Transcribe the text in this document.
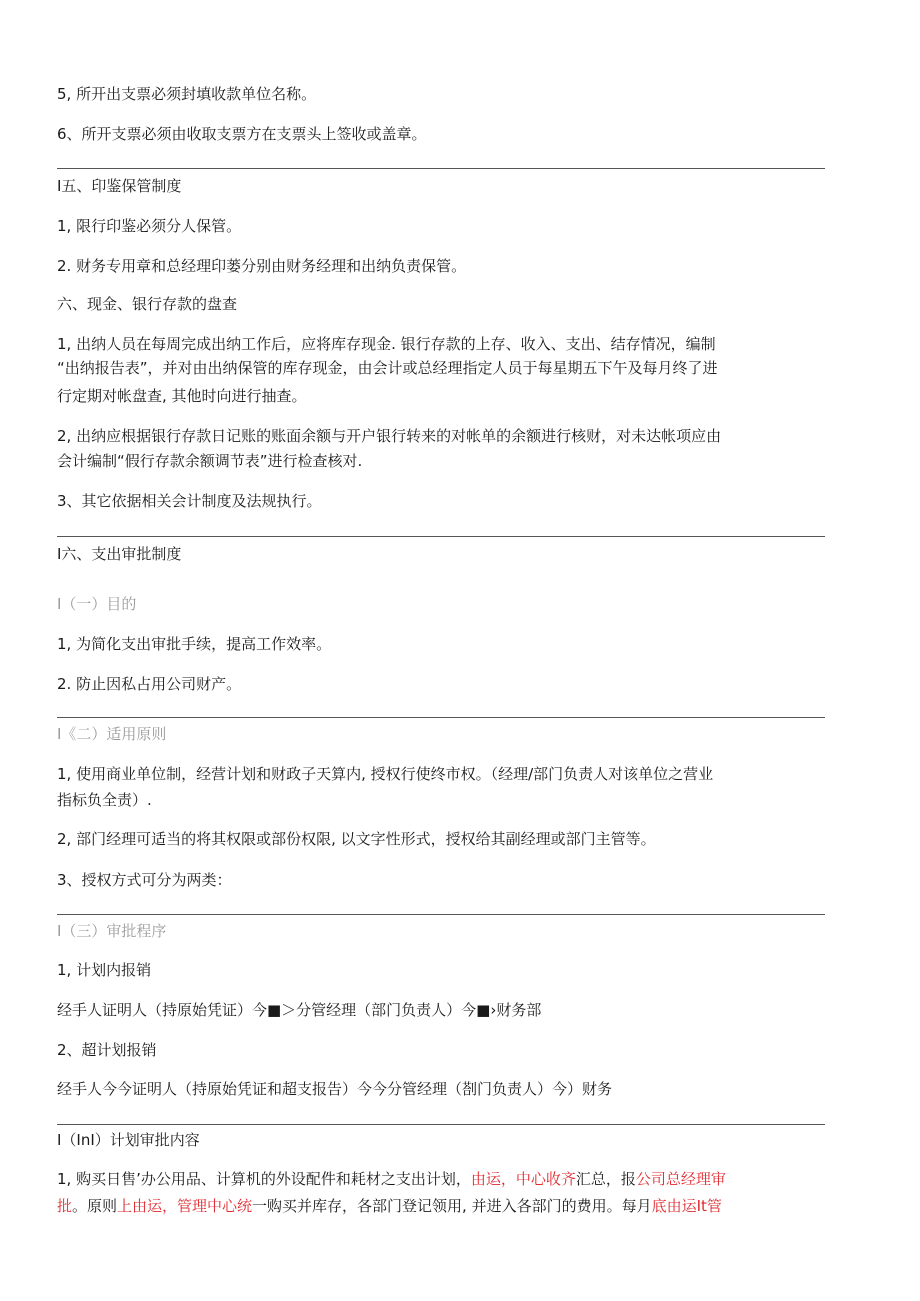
5, 所开出支票必须封填收款单位名称。
6、所开支票必须由收取支票方在支票头上签收或盖章。
I五、印鉴保管制度
1, 限行印鉴必须分人保管。
2. 财务专用章和总经理印蒌分别由财务经理和出纳负责保管。
六、现金、银行存款的盘查
1, 出纳人员在每周完成出纳工作后，应将库存现金. 银行存款的上存、收入、支出、结存情况，编制
“出纳报告表”，并对由出纳保管的库存现金，由会计或总经理指定人员于每星期五下午及每月终了进
行定期对帐盘查, 其他时向进行抽查。
2, 出纳应根据银行存款日记账的账面余额与开户银行转来的对帐单的余额进行核财，对未达帐项应由
会计编制“假行存款余额调节表”进行检查核对.
3、其它依据相关会计制度及法规执行。
I六、支出审批制度
I（一）目的
1, 为简化支出审批手续，提高工作效率。
2. 防止因私占用公司财产。
I《二）适用原则
1, 使用商业单位制，经营计划和财政子天算内, 授权行使终市权。（经理/部门负责人对该单位之营业
指标负全责）.
2, 部门经理可适当的将其权限或部份权限, 以文字性形式，授权给其副经理或部门主管等。
3、授权方式可分为两类：
I（三）审批程序
1, 计划内报销
经手人证明人（持原始凭证）今■＞分管经理（部门负责人）今■›财务部
2、超计划报销
经手人今今证明人（持原始凭证和超支报告）今今分管经理（剳门负责人）今）财务
I（InI）计划审批内容
1, 购买日售’办公用品、计算机的外设配件和耗材之支出计划，由运，中心收齐汇总，报公司总经理审
批。原则上由运，管理中心统一购买并库存，各部门登记领用, 并进入各部门的费用。每月底由运It管
